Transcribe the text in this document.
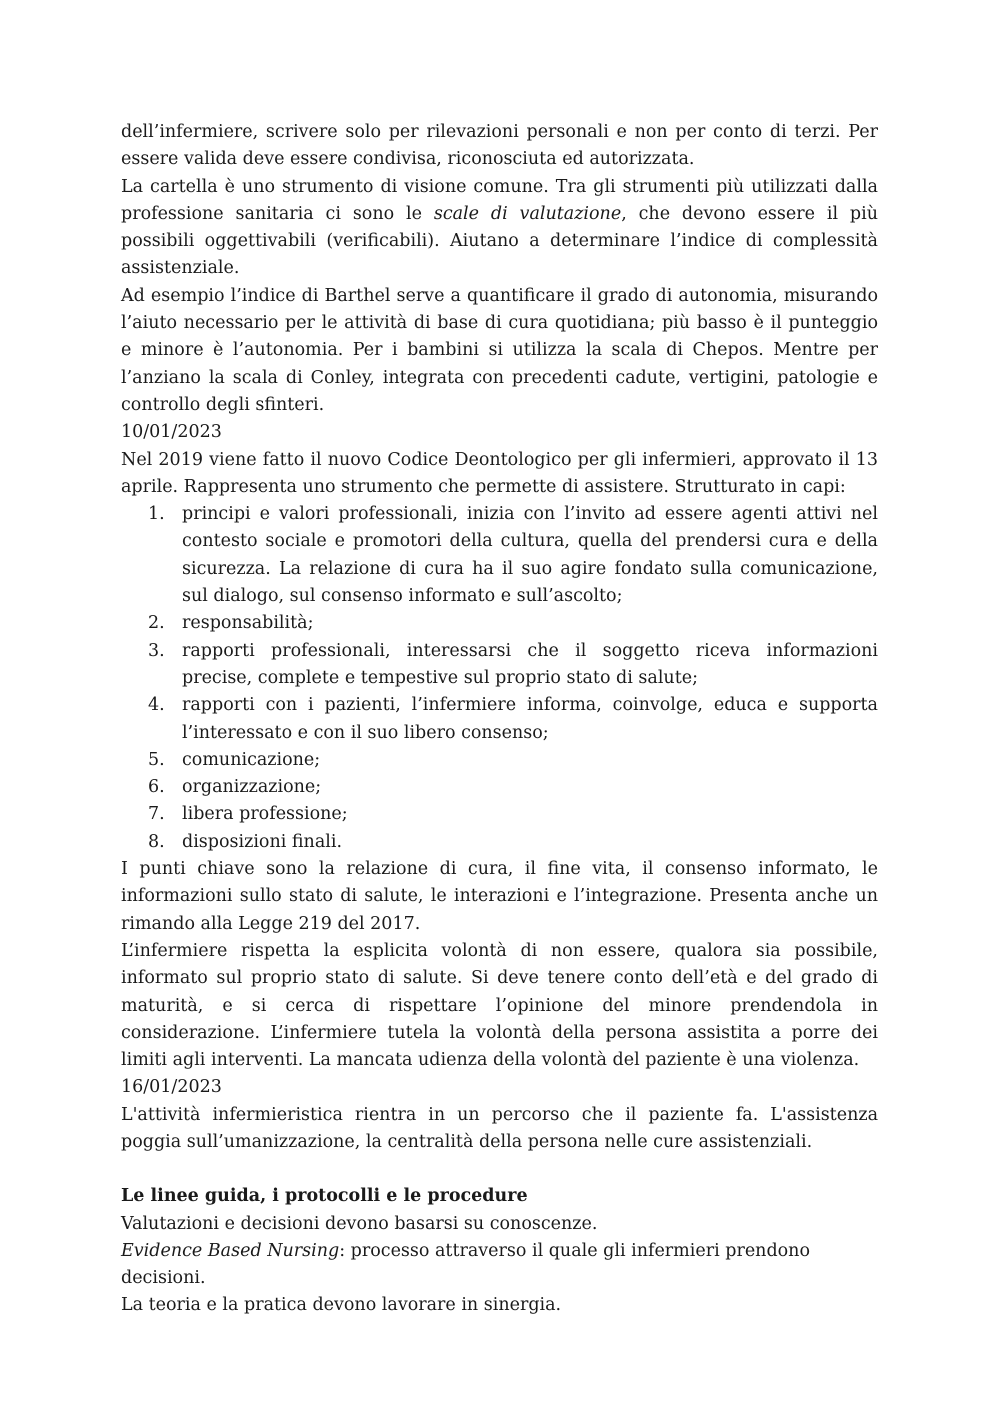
dell’infermiere, scrivere solo per rilevazioni personali e non per conto di terzi. Per essere valida deve essere condivisa, riconosciuta ed autorizzata.

La cartella è uno strumento di visione comune. Tra gli strumenti più utilizzati dalla professione sanitaria ci sono le scale di valutazione, che devono essere il più possibili oggettivabili (verificabili). Aiutano a determinare l’indice di complessità assistenziale.

Ad esempio l’indice di Barthel serve a quantificare il grado di autonomia, misurando l’aiuto necessario per le attività di base di cura quotidiana; più basso è il punteggio e minore è l’autonomia. Per i bambini si utilizza la scala di Chepos. Mentre per l’anziano la scala di Conley, integrata con precedenti cadute, vertigini, patologie e controllo degli sfinteri.

10/01/2023

Nel 2019 viene fatto il nuovo Codice Deontologico per gli infermieri, approvato il 13 aprile. Rappresenta uno strumento che permette di assistere. Strutturato in capi:

1. principi e valori professionali, inizia con l’invito ad essere agenti attivi nel contesto sociale e promotori della cultura, quella del prendersi cura e della sicurezza. La relazione di cura ha il suo agire fondato sulla comunicazione, sul dialogo, sul consenso informato e sull’ascolto;
2. responsabilità;
3. rapporti professionali, interessarsi che il soggetto riceva informazioni precise, complete e tempestive sul proprio stato di salute;
4. rapporti con i pazienti, l’infermiere informa, coinvolge, educa e supporta l’interessato e con il suo libero consenso;
5. comunicazione;
6. organizzazione;
7. libera professione;
8. disposizioni finali.

I punti chiave sono la relazione di cura, il fine vita, il consenso informato, le informazioni sullo stato di salute, le interazioni e l’integrazione. Presenta anche un rimando alla Legge 219 del 2017.

L’infermiere rispetta la esplicita volontà di non essere, qualora sia possibile, informato sul proprio stato di salute. Si deve tenere conto dell’età e del grado di maturità, e si cerca di rispettare l’opinione del minore prendendola in considerazione. L’infermiere tutela la volontà della persona assistita a porre dei limiti agli interventi. La mancata udienza della volontà del paziente è una violenza.

16/01/2023

L'attività infermieristica rientra in un percorso che il paziente fa. L'assistenza poggia sull’umanizzazione, la centralità della persona nelle cure assistenziali.

Le linee guida, i protocolli e le procedure

Valutazioni e decisioni devono basarsi su conoscenze.

Evidence Based Nursing: processo attraverso il quale gli infermieri prendono decisioni.

La teoria e la pratica devono lavorare in sinergia.
